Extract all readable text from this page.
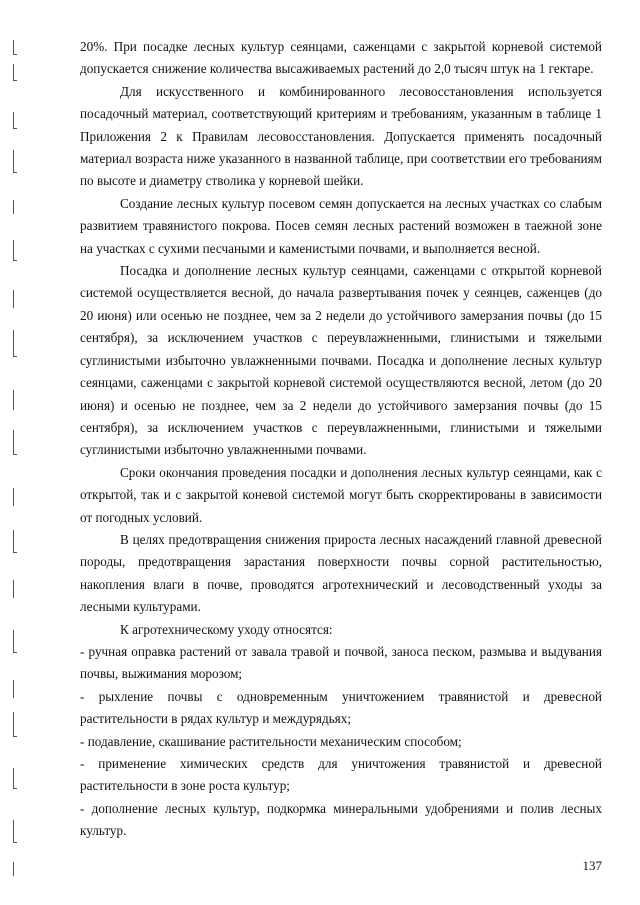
20%. При посадке лесных культур сеянцами, саженцами с закрытой корневой системой допускается снижение количества высаживаемых растений до 2,0 тысяч штук на 1 гектаре.

Для искусственного и комбинированного лесовосстановления используется посадочный материал, соответствующий критериям и требованиям, указанным в таблице 1 Приложения 2 к Правилам лесовосстановления. Допускается применять посадочный материал возраста ниже указанного в названной таблице, при соответствии его требованиям по высоте и диаметру стволика у корневой шейки.

Создание лесных культур посевом семян допускается на лесных участках со слабым развитием травянистого покрова. Посев семян лесных растений возможен в таежной зоне на участках с сухими песчаными и каменистыми почвами, и выполняется весной.

Посадка и дополнение лесных культур сеянцами, саженцами с открытой корневой системой осуществляется весной, до начала развертывания почек у сеянцев, саженцев (до 20 июня) или осенью не позднее, чем за 2 недели до устойчивого замерзания почвы (до 15 сентября), за исключением участков с переувлажненными, глинистыми и тяжелыми суглинистыми избыточно увлажненными почвами. Посадка и дополнение лесных культур сеянцами, саженцами с закрытой корневой системой осуществляются весной, летом (до 20 июня) и осенью не позднее, чем за 2 недели до устойчивого замерзания почвы (до 15 сентября), за исключением участков с переувлажненными, глинистыми и тяжелыми суглинистыми избыточно увлажненными почвами.

Сроки окончания проведения посадки и дополнения лесных культур сеянцами, как с открытой, так и с закрытой коневой системой могут быть скорректированы в зависимости от погодных условий.

В целях предотвращения снижения прироста лесных насаждений главной древесной породы, предотвращения зарастания поверхности почвы сорной растительностью, накопления влаги в почве, проводятся агротехнический и лесоводственный уходы за лесными культурами.

К агротехническому уходу относятся:

- ручная оправка растений от завала травой и почвой, заноса песком, размыва и выдувания почвы, выжимания морозом;

- рыхление почвы с одновременным уничтожением травянистой и древесной растительности в рядах культур и междурядьях;

- подавление, скашивание растительности механическим способом;

- применение химических средств для уничтожения травянистой и древесной растительности в зоне роста культур;

- дополнение лесных культур, подкормка минеральными удобрениями и полив лесных культур.

137
